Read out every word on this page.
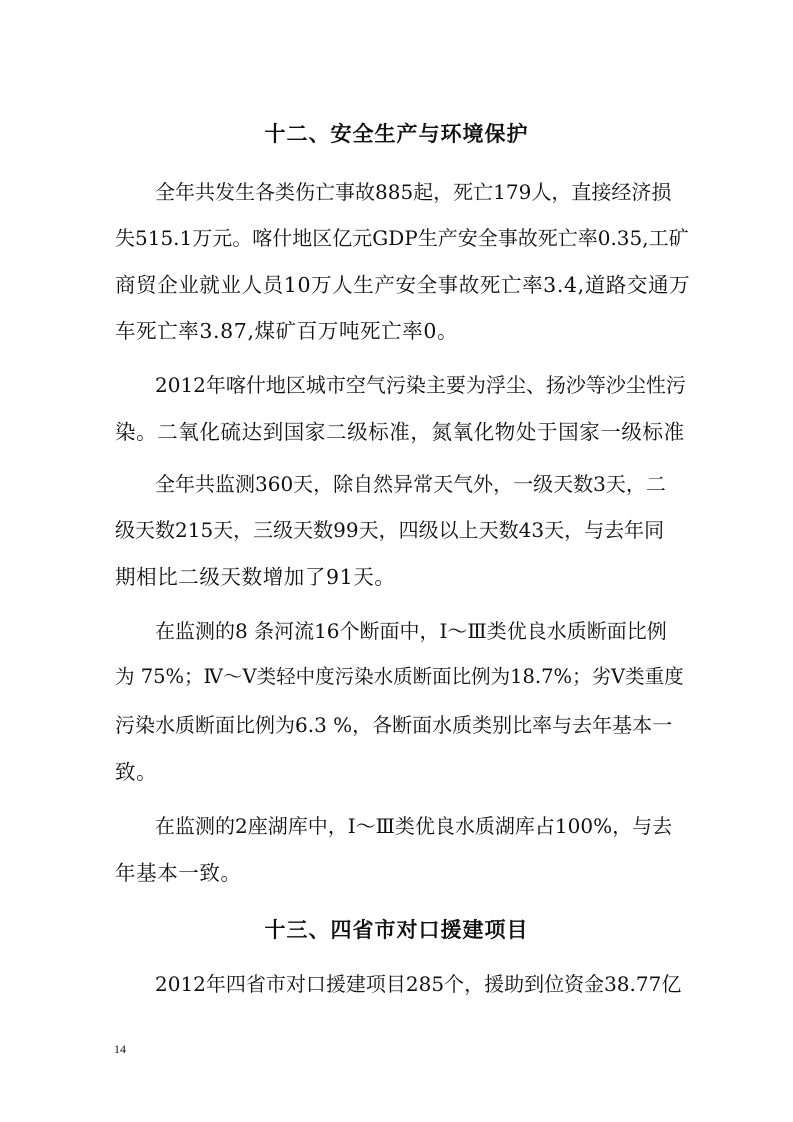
十二、安全生产与环境保护
全年共发生各类伤亡事故885起，死亡179人，直接经济损
失515.1万元。喀什地区亿元GDP生产安全事故死亡率0.35,工矿
商贸企业就业人员10万人生产安全事故死亡率3.4,道路交通万
车死亡率3.87,煤矿百万吨死亡率0。
2012年喀什地区城市空气污染主要为浮尘、扬沙等沙尘性污
染。二氧化硫达到国家二级标准，氮氧化物处于国家一级标准
全年共监测360天，除自然异常天气外，一级天数3天，二
级天数215天，三级天数99天，四级以上天数43天，与去年同
期相比二级天数增加了91天。
在监测的8 条河流16个断面中，Ⅰ～Ⅲ类优良水质断面比例
为 75%；Ⅳ～Ⅴ类轻中度污染水质断面比例为18.7%；劣Ⅴ类重度
污染水质断面比例为6.3 %，各断面水质类别比率与去年基本一
致。
在监测的2座湖库中，Ⅰ～Ⅲ类优良水质湖库占100%，与去
年基本一致。
十三、四省市对口援建项目
2012年四省市对口援建项目285个，援助到位资金38.77亿
14
